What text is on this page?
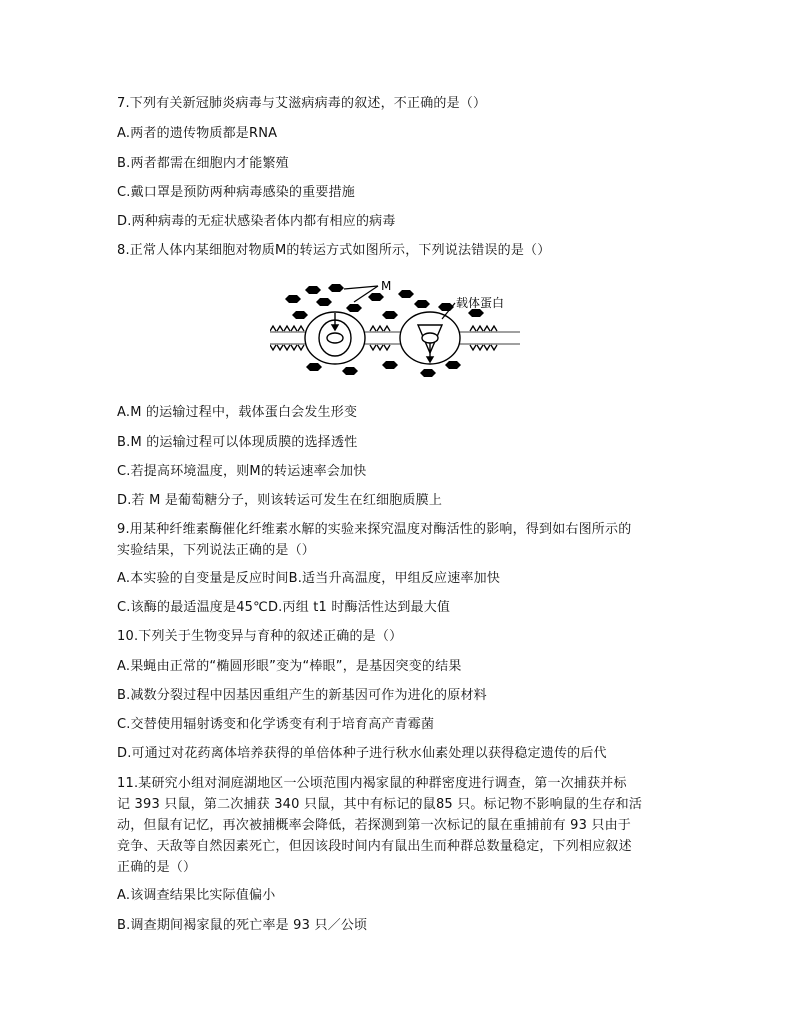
7.下列有关新冠肺炎病毒与艾滋病病毒的叙述，不正确的是（）
A.两者的遗传物质都是RNA
B.两者都需在细胞内才能繁殖
C.戴口罩是预防两种病毒感染的重要措施
D.两种病毒的无症状感染者体内都有相应的病毒
8.正常人体内某细胞对物质M的转运方式如图所示，下列说法错误的是（）
M
载体蛋白
A.M 的运输过程中，载体蛋白会发生形变
B.M 的运输过程可以体现质膜的选择透性
C.若提高环境温度，则M的转运速率会加快
D.若 M 是葡萄糖分子，则该转运可发生在红细胞质膜上
9.用某种纤维素酶催化纤维素水解的实验来探究温度对酶活性的影响，得到如右图所示的
实验结果，下列说法正确的是（）
A.本实验的自变量是反应时间B.适当升高温度，甲组反应速率加快
C.该酶的最适温度是45℃D.丙组 t1 时酶活性达到最大值
10.下列关于生物变异与育种的叙述正确的是（）
A.果蝇由正常的“椭圆形眼”变为“棒眼”，是基因突变的结果
B.减数分裂过程中因基因重组产生的新基因可作为进化的原材料
C.交替使用辐射诱变和化学诱变有利于培育高产青霉菌
D.可通过对花药离体培养获得的单倍体种子进行秋水仙素处理以获得稳定遗传的后代
11.某研究小组对洞庭湖地区一公顷范围内褐家鼠的种群密度进行调查，第一次捕获并标
记 393 只鼠，第二次捕获 340 只鼠，其中有标记的鼠85 只。标记物不影响鼠的生存和活
动，但鼠有记忆，再次被捕概率会降低，若探测到第一次标记的鼠在重捕前有 93 只由于
竞争、天敌等自然因素死亡，但因该段时间内有鼠出生而种群总数量稳定，下列相应叙述
正确的是（）
A.该调查结果比实际值偏小
B.调查期间褐家鼠的死亡率是 93 只／公顷
